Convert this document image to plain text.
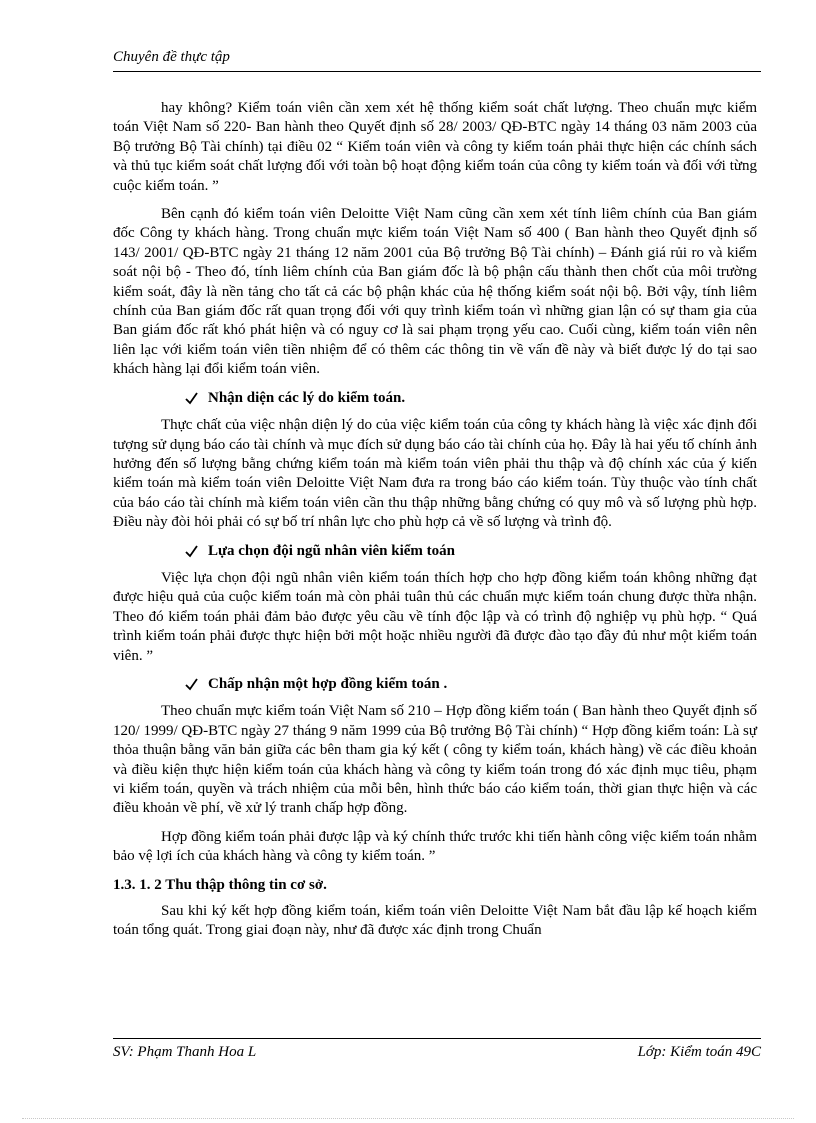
Chuyên đề thực tập

hay không? Kiểm toán viên cần xem xét hệ thống kiểm soát chất lượng. Theo chuẩn mực kiểm toán Việt Nam số 220- Ban hành theo Quyết định số 28/ 2003/ QĐ-BTC ngày 14 tháng 03 năm 2003 của Bộ trưởng Bộ Tài chính) tại điều 02 “ Kiểm toán viên và công ty kiểm toán phải thực hiện các chính sách và thủ tục kiểm soát chất lượng đối với toàn bộ hoạt động kiểm toán của công ty kiểm toán và đối với từng cuộc kiểm toán. ”

Bên cạnh đó kiểm toán viên Deloitte Việt Nam cũng cần xem xét tính liêm chính của Ban giám đốc Công ty khách hàng. Trong chuẩn mực kiểm toán Việt Nam số 400 ( Ban hành theo Quyết định số 143/ 2001/ QĐ-BTC ngày 21 tháng 12 năm 2001 của Bộ trưởng Bộ Tài chính) – Đánh giá rủi ro và kiểm soát nội bộ - Theo đó, tính liêm chính của Ban giám đốc là bộ phận cấu thành then chốt của môi trường kiểm soát, đây là nền tảng cho tất cả các bộ phận khác của hệ thống kiểm soát nội bộ. Bởi vậy, tính liêm chính của Ban giám đốc rất quan trọng đối với quy trình kiểm toán vì những gian lận có sự tham gia của Ban giám đốc rất khó phát hiện và có nguy cơ là sai phạm trọng yếu cao. Cuối cùng, kiểm toán viên nên liên lạc với kiểm toán viên tiền nhiệm để có thêm các thông tin về vấn đề này và biết được lý do tại sao khách hàng lại đổi kiểm toán viên.

Nhận diện các lý do kiểm toán.

Thực chất của việc nhận diện lý do của việc kiểm toán của công ty khách hàng là việc xác định đối tượng sử dụng báo cáo tài chính và mục đích sử dụng báo cáo tài chính của họ. Đây là hai yếu tố chính ảnh hưởng đến số lượng bằng chứng kiểm toán mà kiểm toán viên phải thu thập và độ chính xác của ý kiến kiểm toán mà kiểm toán viên Deloitte Việt Nam đưa ra trong báo cáo kiểm toán. Tùy thuộc vào tính chất của báo cáo tài chính mà kiểm toán viên cần thu thập những bằng chứng có quy mô và số lượng phù hợp. Điều này đòi hỏi phải có sự bố trí nhân lực cho phù hợp cả về số lượng và trình độ.

Lựa chọn đội ngũ nhân viên kiểm toán

Việc lựa chọn đội ngũ nhân viên kiểm toán thích hợp cho hợp đồng kiểm toán không những đạt được hiệu quả của cuộc kiểm toán mà còn phải tuân thủ các chuẩn mực kiểm toán chung được thừa nhận. Theo đó kiểm toán phải đảm bảo được yêu cầu về tính độc lập và có trình độ nghiệp vụ phù hợp. “ Quá trình kiểm toán phải được thực hiện bởi một hoặc nhiều người đã được đào tạo đầy đủ như một kiểm toán viên. ”

Chấp nhận một hợp đồng kiểm toán .

Theo chuẩn mực kiểm toán Việt Nam số 210 – Hợp đồng kiểm toán ( Ban hành theo Quyết định số 120/ 1999/ QĐ-BTC ngày 27 tháng 9 năm 1999 của Bộ trưởng Bộ Tài chính) “ Hợp đồng kiểm toán: Là sự thỏa thuận bằng văn bản giữa các bên tham gia ký kết ( công ty kiểm toán, khách hàng) về các điều khoản và điều kiện thực hiện kiểm toán của khách hàng và công ty kiểm toán trong đó xác định mục tiêu, phạm vi kiểm toán, quyền và trách nhiệm của mỗi bên, hình thức báo cáo kiểm toán, thời gian thực hiện và các điều khoản về phí, về xử lý tranh chấp hợp đồng.

Hợp đồng kiểm toán phải được lập và ký chính thức trước khi tiến hành công việc kiểm toán nhằm bảo vệ lợi ích của khách hàng và công ty kiểm toán. ”

1.3. 1. 2 Thu thập thông tin cơ sở.

Sau khi ký kết hợp đồng kiểm toán, kiểm toán viên Deloitte Việt Nam bắt đầu lập kế hoạch kiểm toán tổng quát. Trong giai đoạn này, như đã được xác định trong Chuẩn

SV: Phạm Thanh Hoa L	Lớp: Kiểm toán 49C
